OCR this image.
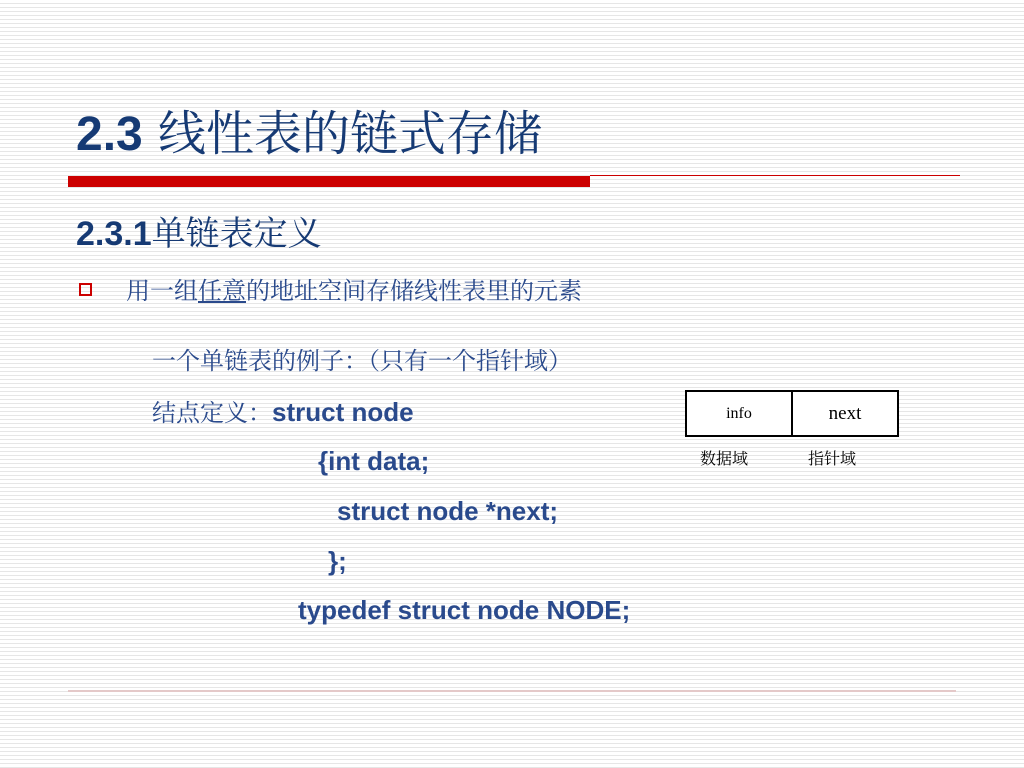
2.3 线性表的链式存储
2.3.1单链表定义
用一组任意的地址空间存储线性表里的元素
一个单链表的例子：（只有一个指针域）
结点定义：struct node
{int data;
struct node *next;
};
typedef struct node NODE;
info	next
数据域	指针域
